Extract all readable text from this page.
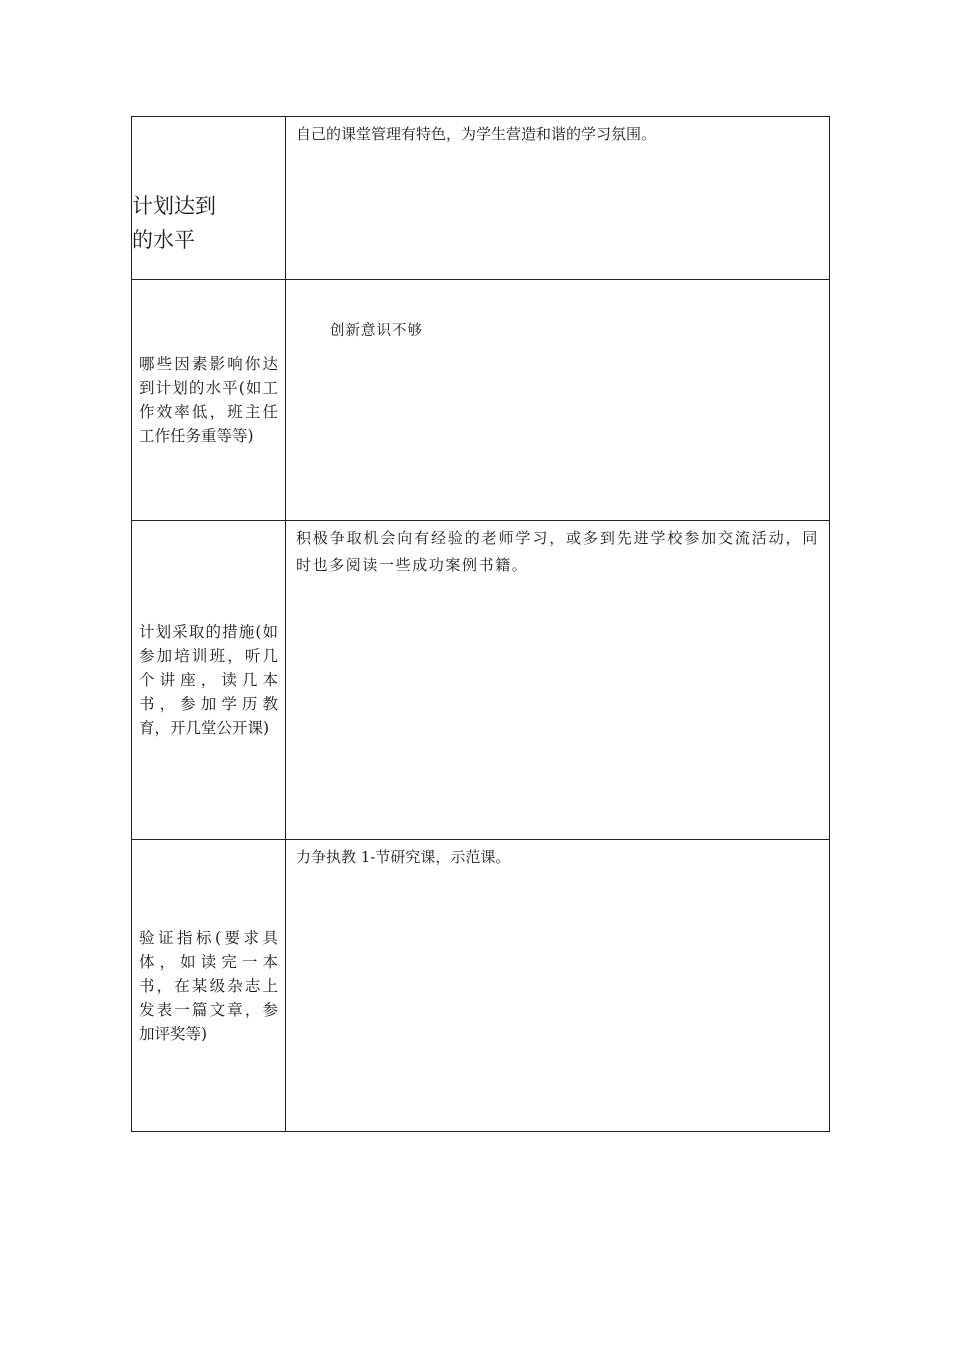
计划达到
的水平	自己的课堂管理有特色，为学生营造和谐的学习氛围。
哪些因素影响你达到计划的水平(如工作效率低，班主任工作任务重等等)	创新意识不够
计划采取的措施(如参加培训班，听几个讲座，读几本书，参加学历教育，开几堂公开课)	积极争取机会向有经验的老师学习，或多到先进学校参加交流活动，同时也多阅读一些成功案例书籍。
验证指标(要求具体，如读完一本书，在某级杂志上发表一篇文章，参加评奖等)	力争执教 1-节研究课，示范课。
